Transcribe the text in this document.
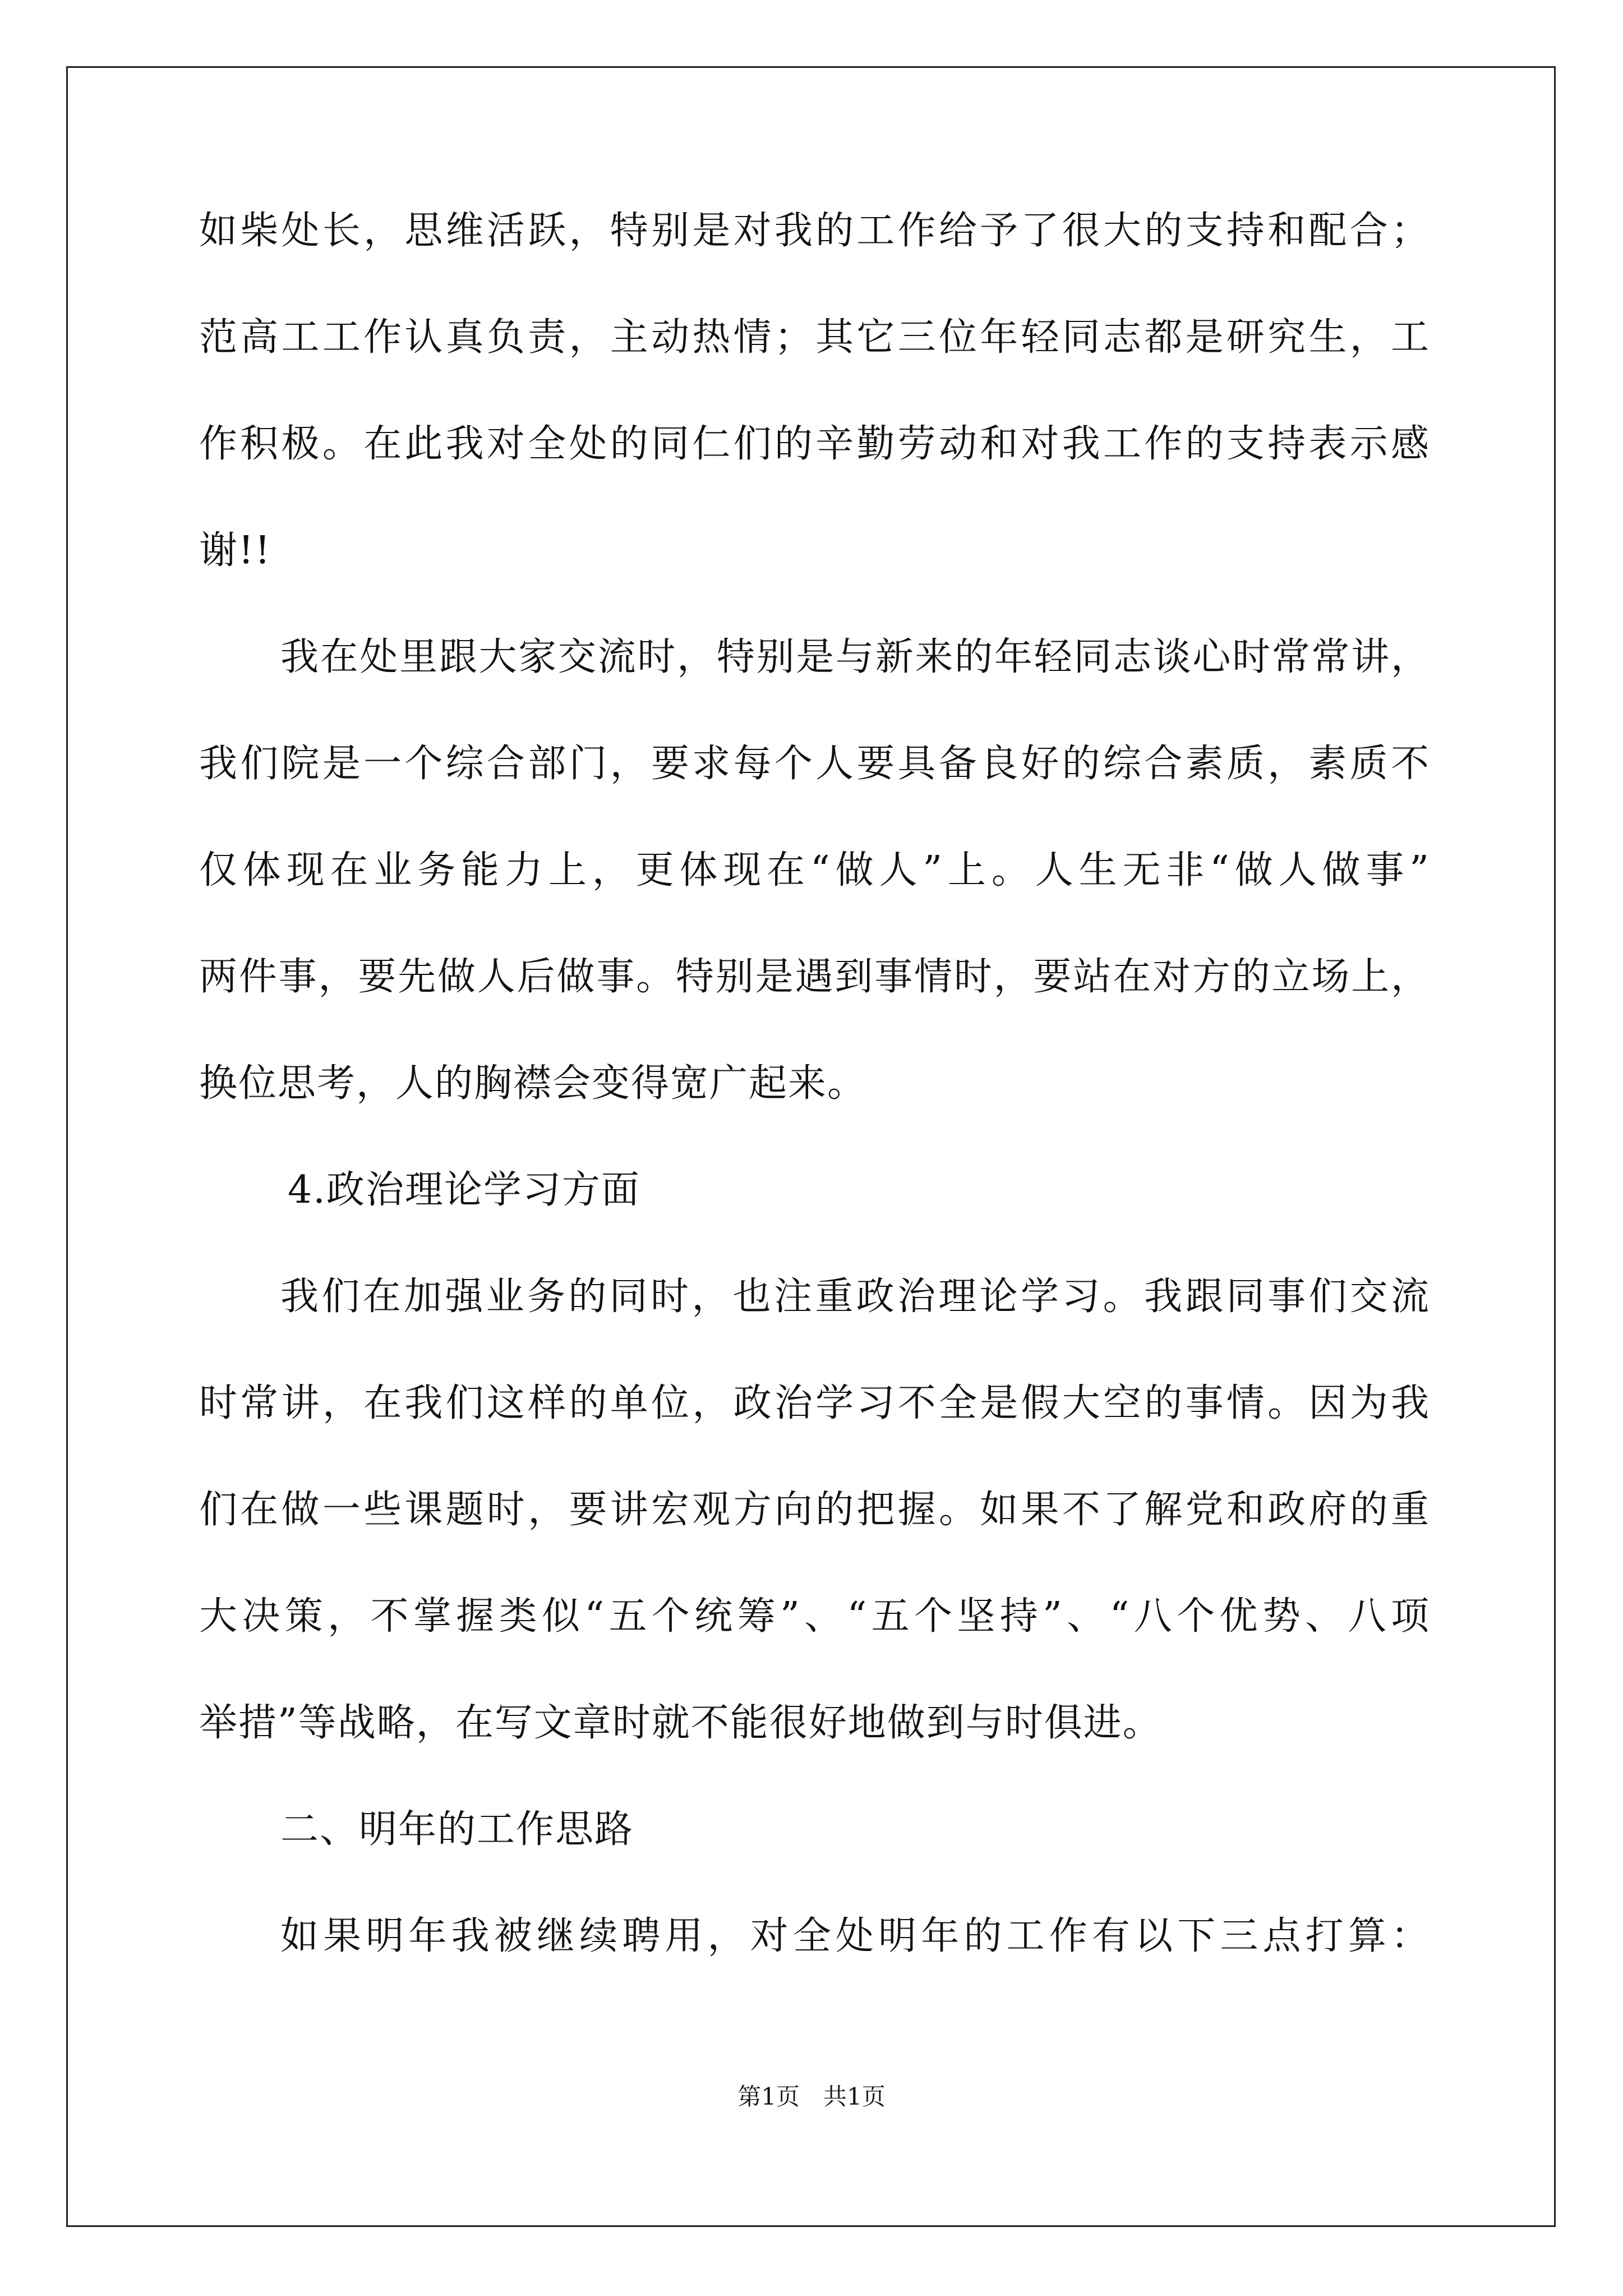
如柴处长，思维活跃，特别是对我的工作给予了很大的支持和配合；
范高工工作认真负责，主动热情；其它三位年轻同志都是研究生，工
作积极。在此我对全处的同仁们的辛勤劳动和对我工作的支持表示感
谢!!
我在处里跟大家交流时，特别是与新来的年轻同志谈心时常常讲，
我们院是一个综合部门，要求每个人要具备良好的综合素质，素质不
仅体现在业务能力上，更体现在“做人”上。人生无非“做人做事”
两件事，要先做人后做事。特别是遇到事情时，要站在对方的立场上，
换位思考，人的胸襟会变得宽广起来。
4.政治理论学习方面
我们在加强业务的同时，也注重政治理论学习。我跟同事们交流
时常讲，在我们这样的单位，政治学习不全是假大空的事情。因为我
们在做一些课题时，要讲宏观方向的把握。如果不了解党和政府的重
大决策，不掌握类似“五个统筹”、“五个坚持”、“八个优势、八项
举措”等战略，在写文章时就不能很好地做到与时俱进。
二、明年的工作思路
如果明年我被继续聘用，对全处明年的工作有以下三点打算：
第1页　共1页
